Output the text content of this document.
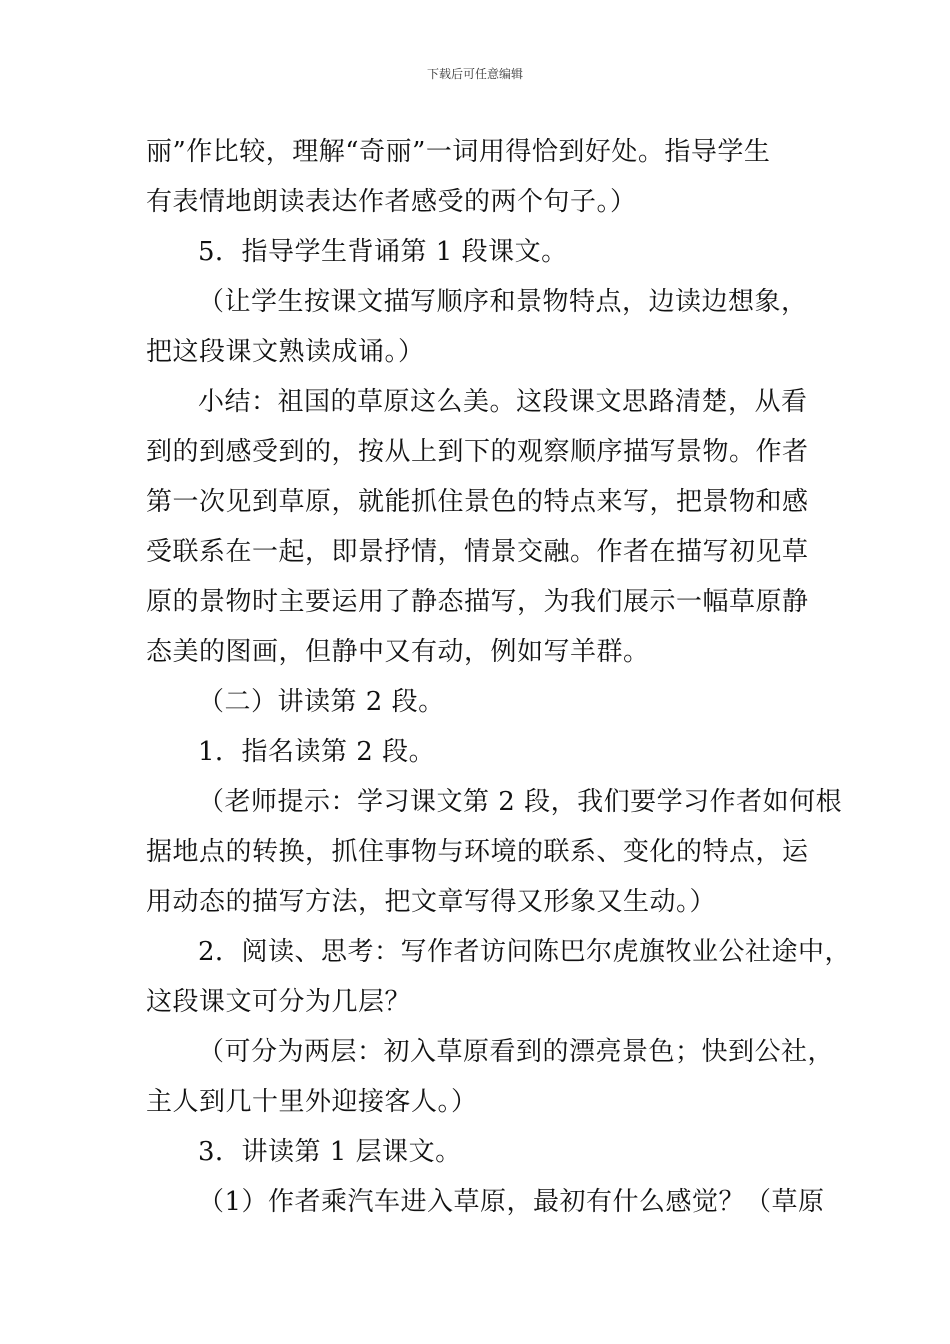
下载后可任意编辑
丽”作比较，理解“奇丽”一词用得恰到好处。指导学生
有表情地朗读表达作者感受的两个句子。）
5．指导学生背诵第 1 段课文。
（让学生按课文描写顺序和景物特点，边读边想象，
把这段课文熟读成诵。）
小结：祖国的草原这么美。这段课文思路清楚，从看
到的到感受到的，按从上到下的观察顺序描写景物。作者
第一次见到草原，就能抓住景色的特点来写，把景物和感
受联系在一起，即景抒情，情景交融。作者在描写初见草
原的景物时主要运用了静态描写，为我们展示一幅草原静
态美的图画，但静中又有动，例如写羊群。
（二）讲读第 2 段。
1．指名读第 2 段。
（老师提示：学习课文第 2 段，我们要学习作者如何根
据地点的转换，抓住事物与环境的联系、变化的特点，运
用动态的描写方法，把文章写得又形象又生动。）
2．阅读、思考：写作者访问陈巴尔虎旗牧业公社途中，
这段课文可分为几层？
（可分为两层：初入草原看到的漂亮景色；快到公社，
主人到几十里外迎接客人。）
3．讲读第 1 层课文。
（1）作者乘汽车进入草原，最初有什么感觉？（草原
